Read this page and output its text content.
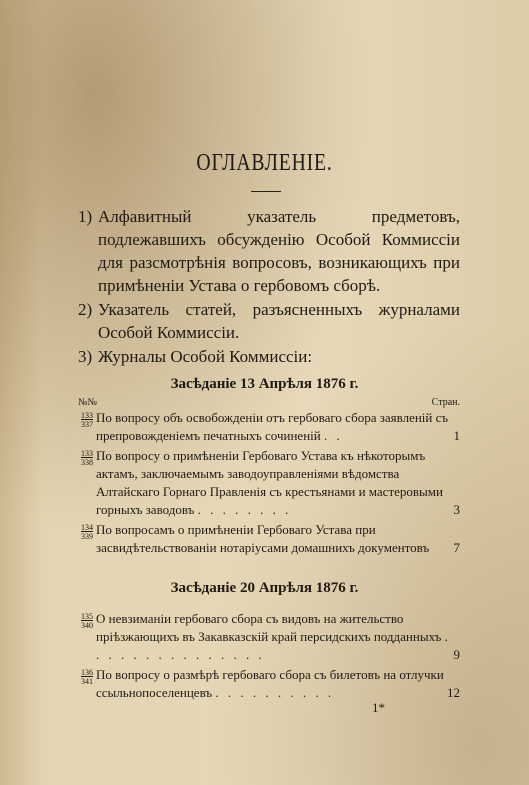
ОГЛАВЛЕНІЕ.
1) Алфавитный указатель предметовъ, подлежавшихъ обсужденію Особой Коммиссіи для разсмотрѣнія вопросовъ, возникающихъ при примѣненіи Устава о гербовомъ сборѣ.
2) Указатель статей, разъясненныхъ журналами Особой Коммиссіи.
3) Журналы Особой Коммиссіи:
Засѣданіе 13 Апрѣля 1876 г.
№№	Стран.
133
337 По вопросу объ освобожденіи отъ гербоваго сбора заявленій съ препровожденіемъ печатныхъ сочиненій . .	1
133
338 По вопросу о примѣненіи Гербоваго Устава къ нѣкоторымъ актамъ, заключаемымъ заводоуправленіями вѣдомства Алтайскаго Горнаго Правленія съ крестьянами и мастеровыми горныхъ заводовъ . . . . . . . .	3
134
339 По вопросамъ о примѣненіи Гербоваго Устава при засвидѣтельствованіи нотаріусами домашнихъ документовъ 7
Засѣданіе 20 Апрѣля 1876 г.
135
340 О невзиманіи гербоваго сбора съ видовъ на жительство пріѣзжающихъ въ Закавказскій край персидскихъ подданныхъ . . . . . . . . . . . . . . .	9
136
341 По вопросу о размѣрѣ гербоваго сбора съ билетовъ на отлучки ссыльнопоселенцевъ . . . . . . . . . .	12
1*
